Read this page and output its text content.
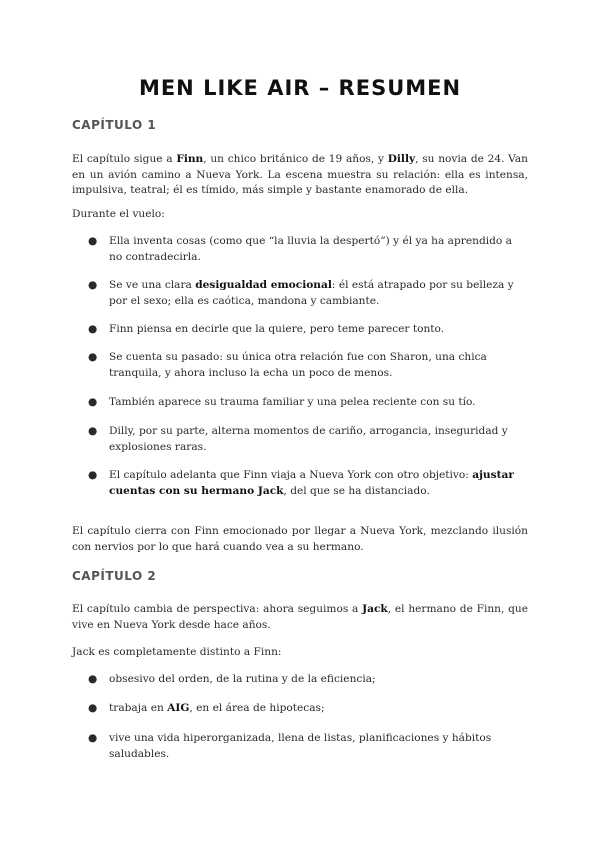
MEN LIKE AIR – RESUMEN
CAPÍTULO 1
El capítulo sigue a Finn, un chico británico de 19 años, y Dilly, su novia de 24. Van en un avión camino a Nueva York. La escena muestra su relación: ella es intensa, impulsiva, teatral; él es tímido, más simple y bastante enamorado de ella.
Durante el vuelo:
●	Ella inventa cosas (como que “la lluvia la despertó”) y él ya ha aprendido a no contradecirla.
●	Se ve una clara desigualdad emocional: él está atrapado por su belleza y por el sexo; ella es caótica, mandona y cambiante.
●	Finn piensa en decirle que la quiere, pero teme parecer tonto.
●	Se cuenta su pasado: su única otra relación fue con Sharon, una chica tranquila, y ahora incluso la echa un poco de menos.
●	También aparece su trauma familiar y una pelea reciente con su tío.
●	Dilly, por su parte, alterna momentos de cariño, arrogancia, inseguridad y explosiones raras.
●	El capítulo adelanta que Finn viaja a Nueva York con otro objetivo: ajustar cuentas con su hermano Jack, del que se ha distanciado.
El capítulo cierra con Finn emocionado por llegar a Nueva York, mezclando ilusión con nervios por lo que hará cuando vea a su hermano.
CAPÍTULO 2
El capítulo cambia de perspectiva: ahora seguimos a Jack, el hermano de Finn, que vive en Nueva York desde hace años.
Jack es completamente distinto a Finn:
●	obsesivo del orden, de la rutina y de la eficiencia;
●	trabaja en AIG, en el área de hipotecas;
●	vive una vida hiperorganizada, llena de listas, planificaciones y hábitos saludables.
